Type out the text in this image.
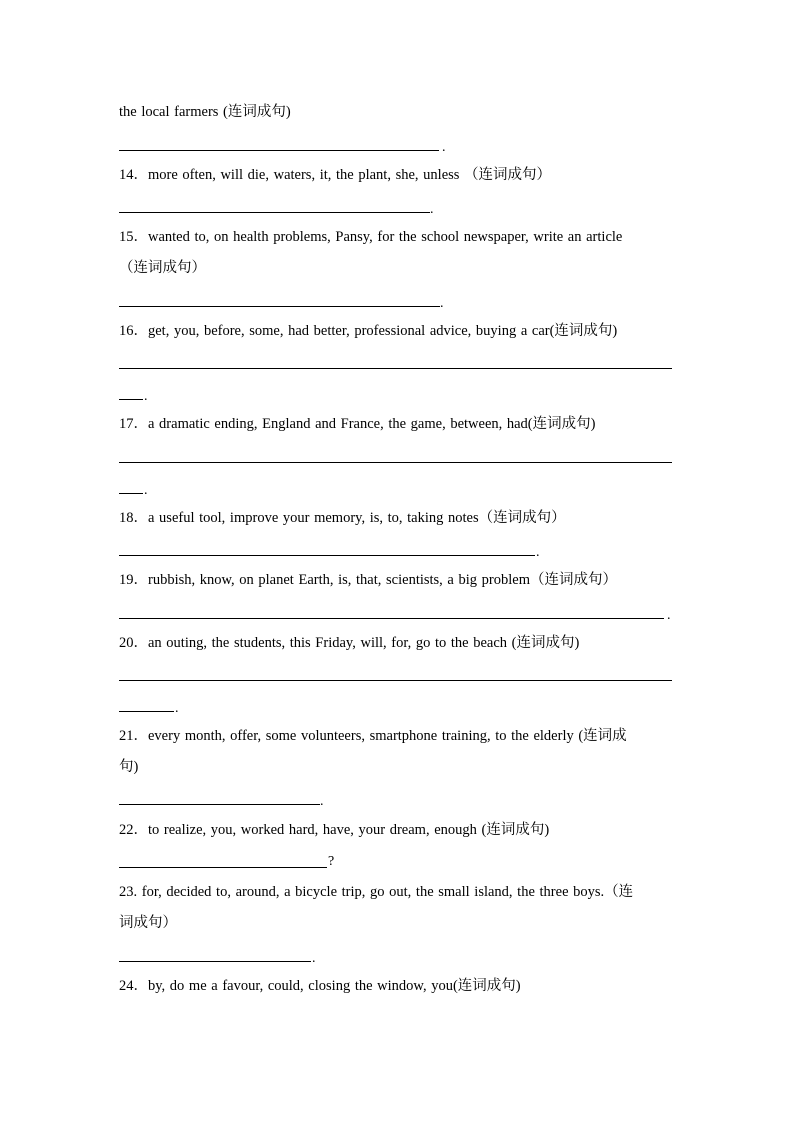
the local farmers (连词成句)
.
14．more often, will die, waters, it, the plant, she, unless （连词成句）
.
15．wanted to, on health problems, Pansy, for the school newspaper, write an article
（连词成句）
.
16．get, you, before, some, had better, professional advice, buying a car(连词成句)
.
17．a dramatic ending, England and France, the game, between, had(连词成句)
.
18．a useful tool, improve your memory, is, to, taking notes（连词成句）
.
19．rubbish, know, on planet Earth, is, that, scientists, a big problem（连词成句）
.
20．an outing, the students, this Friday, will, for, go to the beach (连词成句)
.
21．every month, offer, some volunteers, smartphone training, to the elderly (连词成
句)
.
22．to realize, you, worked hard, have, your dream, enough (连词成句)
?
23. for, decided to, around, a bicycle trip, go out, the small island, the three boys.（连
词成句）
.
24．by, do me a favour, could, closing the window, you(连词成句)
